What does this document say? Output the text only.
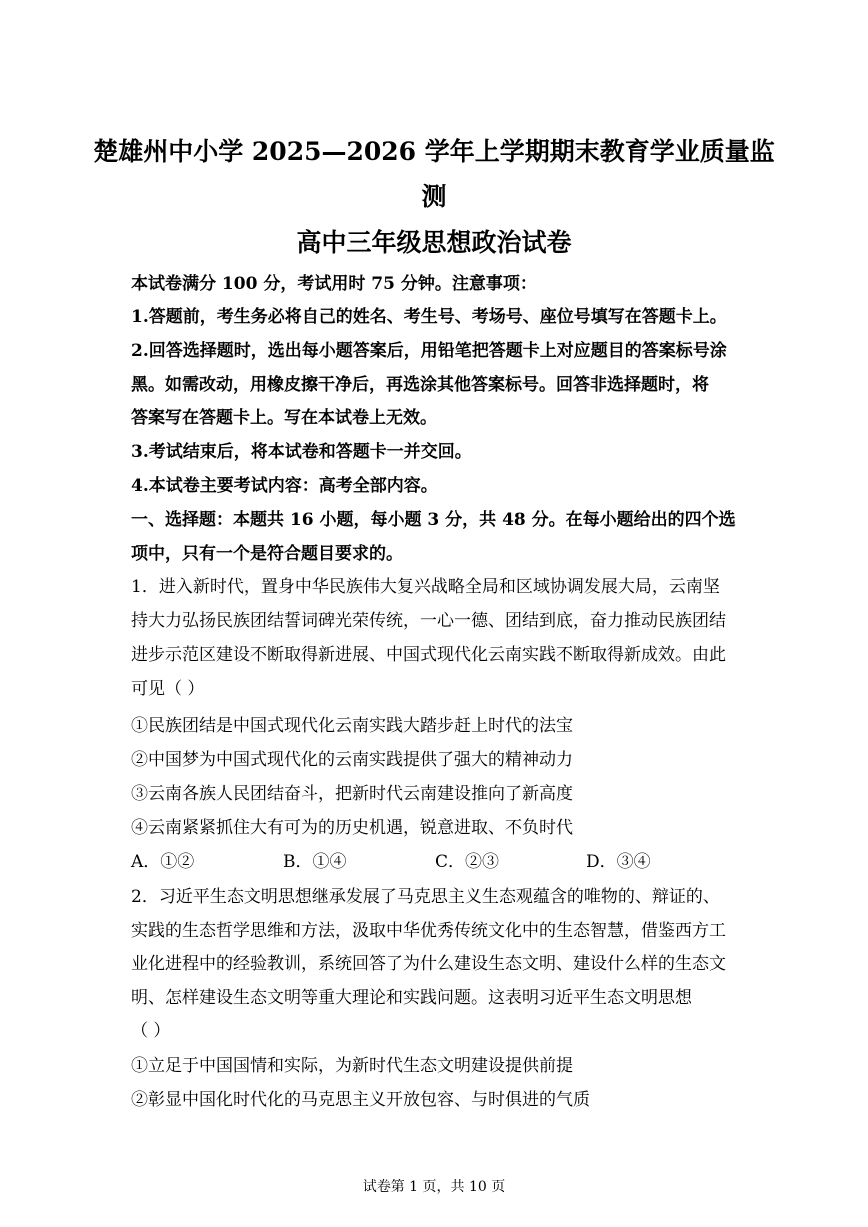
楚雄州中小学 2025—2026 学年上学期期末教育学业质量监
测
高中三年级思想政治试卷
本试卷满分 100 分，考试用时 75 分钟。注意事项：
1.答题前，考生务必将自己的姓名、考生号、考场号、座位号填写在答题卡上。
2.回答选择题时，选出每小题答案后，用铅笔把答题卡上对应题目的答案标号涂
黑。如需改动，用橡皮擦干净后，再选涂其他答案标号。回答非选择题时，将
答案写在答题卡上。写在本试卷上无效。
3.考试结束后，将本试卷和答题卡一并交回。
4.本试卷主要考试内容：高考全部内容。
一、选择题：本题共 16 小题，每小题 3 分，共 48 分。在每小题给出的四个选
项中，只有一个是符合题目要求的。
1．进入新时代，置身中华民族伟大复兴战略全局和区域协调发展大局，云南坚
持大力弘扬民族团结誓词碑光荣传统，一心一德、团结到底，奋力推动民族团结
进步示范区建设不断取得新进展、中国式现代化云南实践不断取得新成效。由此
可见（ ）
①民族团结是中国式现代化云南实践大踏步赶上时代的法宝
②中国梦为中国式现代化的云南实践提供了强大的精神动力
③云南各族人民团结奋斗，把新时代云南建设推向了新高度
④云南紧紧抓住大有可为的历史机遇，锐意进取、不负时代
A．①②	B．①④	C．②③	D．③④
2．习近平生态文明思想继承发展了马克思主义生态观蕴含的唯物的、辩证的、
实践的生态哲学思维和方法，汲取中华优秀传统文化中的生态智慧，借鉴西方工
业化进程中的经验教训，系统回答了为什么建设生态文明、建设什么样的生态文
明、怎样建设生态文明等重大理论和实践问题。这表明习近平生态文明思想
（ ）
①立足于中国国情和实际，为新时代生态文明建设提供前提
②彰显中国化时代化的马克思主义开放包容、与时俱进的气质
试卷第 1 页，共 10 页
